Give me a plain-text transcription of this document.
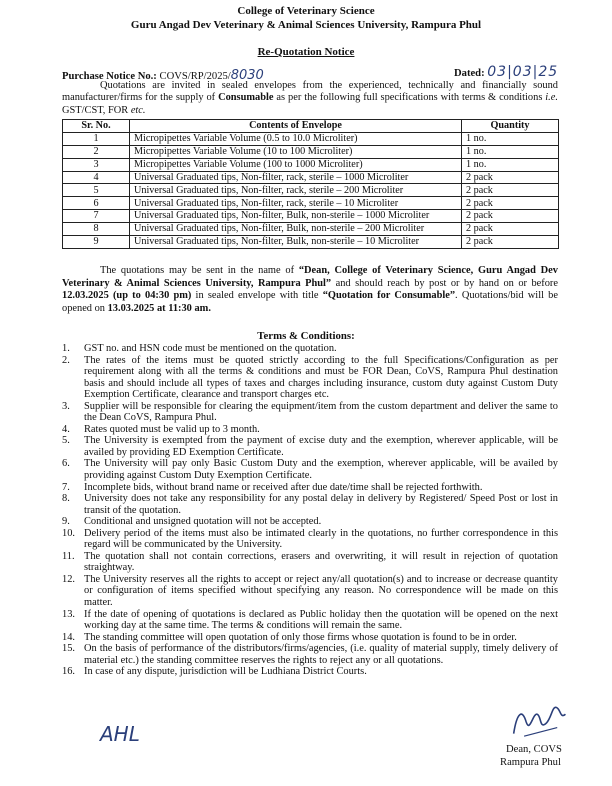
College of Veterinary Science
Guru Angad Dev Veterinary & Animal Sciences University, Rampura Phul
Re-Quotation Notice
Purchase Notice No.: COVS/RP/2025/8030	Dated: 03|03|25
Quotations are invited in sealed envelopes from the experienced, technically and financially sound manufacturer/firms for the supply of Consumable as per the following full specifications with terms & conditions i.e. GST/CST, FOR etc.
Sr. No.	Contents of Envelope	Quantity
1	Micropipettes Variable Volume (0.5 to 10.0 Microliter)	1 no.
2	Micropipettes Variable Volume (10 to 100 Microliter)	1 no.
3	Micropipettes Variable Volume (100 to 1000 Microliter)	1 no.
4	Universal Graduated tips, Non-filter, rack, sterile – 1000 Microliter	2 pack
5	Universal Graduated tips, Non-filter, rack, sterile – 200 Microliter	2 pack
6	Universal Graduated tips, Non-filter, rack, sterile – 10 Microliter	2 pack
7	Universal Graduated tips, Non-filter, Bulk, non-sterile – 1000 Microliter	2 pack
8	Universal Graduated tips, Non-filter, Bulk, non-sterile – 200 Microliter	2 pack
9	Universal Graduated tips, Non-filter, Bulk, non-sterile – 10 Microliter	2 pack
The quotations may be sent in the name of “Dean, College of Veterinary Science, Guru Angad Dev Veterinary & Animal Sciences University, Rampura Phul” and should reach by post or by hand on or before 12.03.2025 (up to 04:30 pm) in sealed envelope with title “Quotation for Consumable”. Quotations/bid will be opened on 13.03.2025 at 11:30 am.
Terms & Conditions:
1.	GST no. and HSN code must be mentioned on the quotation.
2.	The rates of the items must be quoted strictly according to the full Specifications/Configuration as per requirement along with all the terms & conditions and must be FOR Dean, CoVS, Rampura Phul destination basis and should include all types of taxes and charges including insurance, custom duty against Custom Duty Exemption Certificate, clearance and transport charges etc.
3.	Supplier will be responsible for clearing the equipment/item from the custom department and deliver the same to the Dean CoVS, Rampura Phul.
4.	Rates quoted must be valid up to 3 month.
5.	The University is exempted from the payment of excise duty and the exemption, wherever applicable, will be availed by providing ED Exemption Certificate.
6.	The University will pay only Basic Custom Duty and the exemption, wherever applicable, will be availed by providing against Custom Duty Exemption Certificate.
7.	Incomplete bids, without brand name or received after due date/time shall be rejected forthwith.
8.	University does not take any responsibility for any postal delay in delivery by Registered/ Speed Post or lost in transit of the quotation.
9.	Conditional and unsigned quotation will not be accepted.
10. Delivery period of the items must also be intimated clearly in the quotations, no further correspondence in this regard will be communicated by the University.
11. The quotation shall not contain corrections, erasers and overwriting, it will result in rejection of quotation straightway.
12. The University reserves all the rights to accept or reject any/all quotation(s) and to increase or decrease quantity or configuration of items specified without specifying any reason. No correspondence will be made on this matter.
13. If the date of opening of quotations is declared as Public holiday then the quotation will be opened on the next working day at the same time. The terms & conditions will remain the same.
14. The standing committee will open quotation of only those firms whose quotation is found to be in order.
15. On the basis of performance of the distributors/firms/agencies, (i.e. quality of material supply, timely delivery of material etc.) the standing committee reserves the rights to reject any or all quotations.
16. In case of any dispute, jurisdiction will be Ludhiana District Courts.
AHL
Dean, COVS
Rampura Phul
